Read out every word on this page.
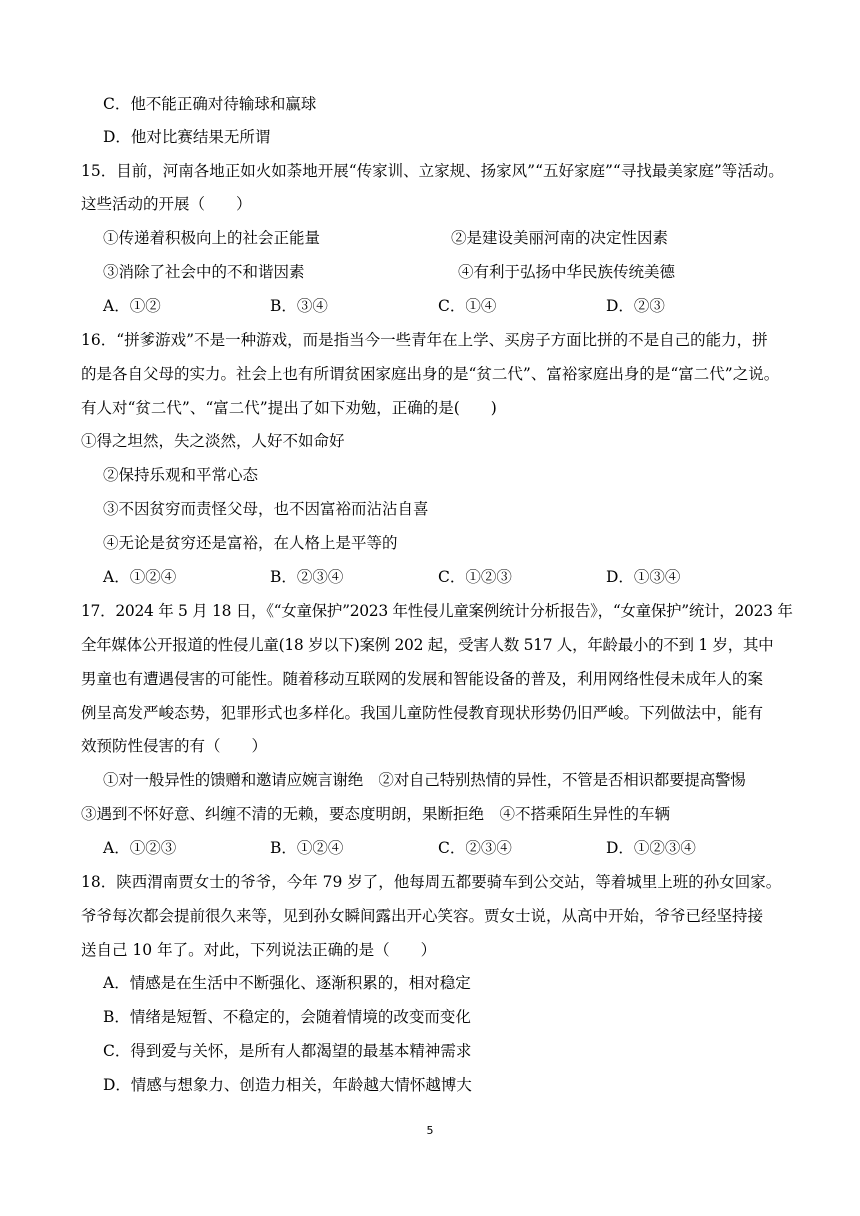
C．他不能正确对待输球和赢球
D．他对比赛结果无所谓
15．目前，河南各地正如火如荼地开展“传家训、立家规、扬家风”“五好家庭”“寻找最美家庭”等活动。
这些活动的开展（　　）
①传递着积极向上的社会正能量	②是建设美丽河南的决定性因素
③消除了社会中的不和谐因素	④有利于弘扬中华民族传统美德
A．①②	B．③④	C．①④	D．②③
16．“拼爹游戏”不是一种游戏，而是指当今一些青年在上学、买房子方面比拼的不是自己的能力，拼
的是各自父母的实力。社会上也有所谓贫困家庭出身的是“贫二代”、富裕家庭出身的是“富二代”之说。
有人对“贫二代”、“富二代”提出了如下劝勉，正确的是(　　)
①得之坦然，失之淡然，人好不如命好
②保持乐观和平常心态
③不因贫穷而责怪父母，也不因富裕而沾沾自喜
④无论是贫穷还是富裕，在人格上是平等的
A．①②④	B．②③④	C．①②③	D．①③④
17．2024 年 5 月 18 日，《“女童保护”2023 年性侵儿童案例统计分析报告》，“女童保护”统计，2023 年
全年媒体公开报道的性侵儿童(18 岁以下)案例 202 起，受害人数 517 人，年龄最小的不到 1 岁，其中
男童也有遭遇侵害的可能性。随着移动互联网的发展和智能设备的普及，利用网络性侵未成年人的案
例呈高发严峻态势，犯罪形式也多样化。我国儿童防性侵教育现状形势仍旧严峻。下列做法中，能有
效预防性侵害的有（　　）
①对一般异性的馈赠和邀请应婉言谢绝　②对自己特别热情的异性，不管是否相识都要提高警惕
③遇到不怀好意、纠缠不清的无赖，要态度明朗，果断拒绝　④不搭乘陌生异性的车辆
A．①②③	B．①②④	C．②③④	D．①②③④
18．陕西渭南贾女士的爷爷，今年 79 岁了，他每周五都要骑车到公交站，等着城里上班的孙女回家。
爷爷每次都会提前很久来等，见到孙女瞬间露出开心笑容。贾女士说，从高中开始，爷爷已经坚持接
送自己 10 年了。对此，下列说法正确的是（　　）
A．情感是在生活中不断强化、逐渐积累的，相对稳定
B．情绪是短暂、不稳定的，会随着情境的改变而变化
C．得到爱与关怀，是所有人都渴望的最基本精神需求
D．情感与想象力、创造力相关，年龄越大情怀越博大
5
